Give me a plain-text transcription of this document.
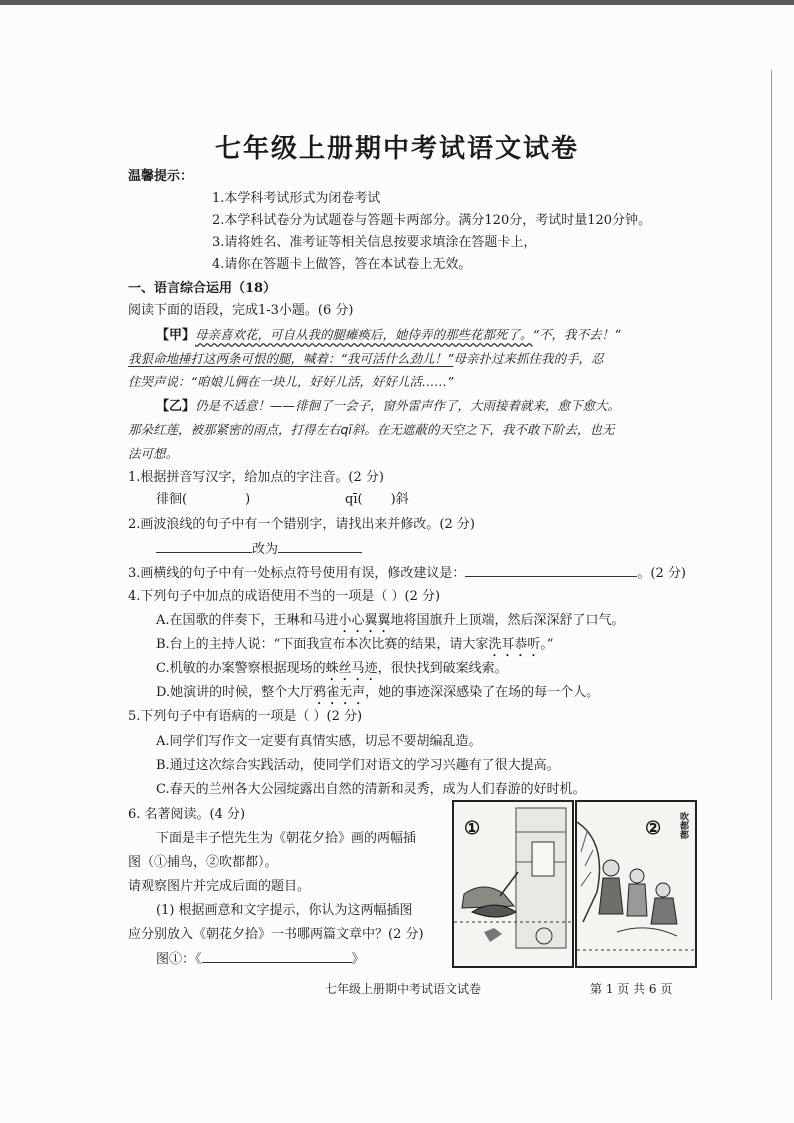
七年级上册期中考试语文试卷
温馨提示：
1.本学科考试形式为闭卷考试
2.本学科试卷分为试题卷与答题卡两部分。满分120分，考试时量120分钟。
3.请将姓名、准考证等相关信息按要求填涂在答题卡上，
4.请你在答题卡上做答，答在本试卷上无效。
一、语言综合运用（18）
阅读下面的语段，完成1-3小题。(6 分)
【甲】母亲喜欢花，可自从我的腿瘫痪后，她侍弄的那些花都死了。“不，我不去！”
我狠命地捶打这两条可恨的腿，喊着：“我可活什么劲儿！”母亲扑过来抓住我的手，忍
住哭声说：“咱娘儿俩在一块儿，好好儿活，好好儿活……”
【乙】仍是不适意！——徘徊了一会子，窗外雷声作了，大雨接着就来，愈下愈大。
那朵红莲，被那紧密的雨点，打得左右qī斜。在无遮蔽的天空之下，我不敢下阶去，也无
法可想。
1.根据拼音写汉字，给加点的字注音。(2 分)
徘徊(	)	qī( )斜
2.画波浪线的句子中有一个错别字，请找出来并修改。(2 分)
改为
3.画横线的句子中有一处标点符号使用有误，修改建议是：	。(2 分)
4.下列句子中加点的成语使用不当的一项是（ ）(2 分)
A.在国歌的伴奏下，王琳和马进小心翼翼地将国旗升上顶端，然后深深舒了口气。
B.台上的主持人说：“下面我宣布本次比赛的结果，请大家洗耳恭听。”
C.机敏的办案警察根据现场的蛛丝马迹，很快找到破案线索。
D.她演讲的时候，整个大厅鸦雀无声，她的事迹深深感染了在场的每一个人。
5.下列句子中有语病的一项是（ ）(2 分)
A.同学们写作文一定要有真情实感，切忌不要胡编乱造。
B.通过这次综合实践活动，使同学们对语文的学习兴趣有了很大提高。
C.春天的兰州各大公园绽露出自然的清新和灵秀，成为人们春游的好时机。
6. 名著阅读。(4 分)
下面是丰子恺先生为《朝花夕拾》画的两幅插
图（①捕鸟，②吹都都）。
请观察图片并完成后面的题目。
(1) 根据画意和文字提示，你认为这两幅插图
应分别放入《朝花夕拾》一书哪两篇文章中？(2 分)
图①：《	》
①	② 吹都都
七年级上册期中考试语文试卷	第 1 页 共 6 页
